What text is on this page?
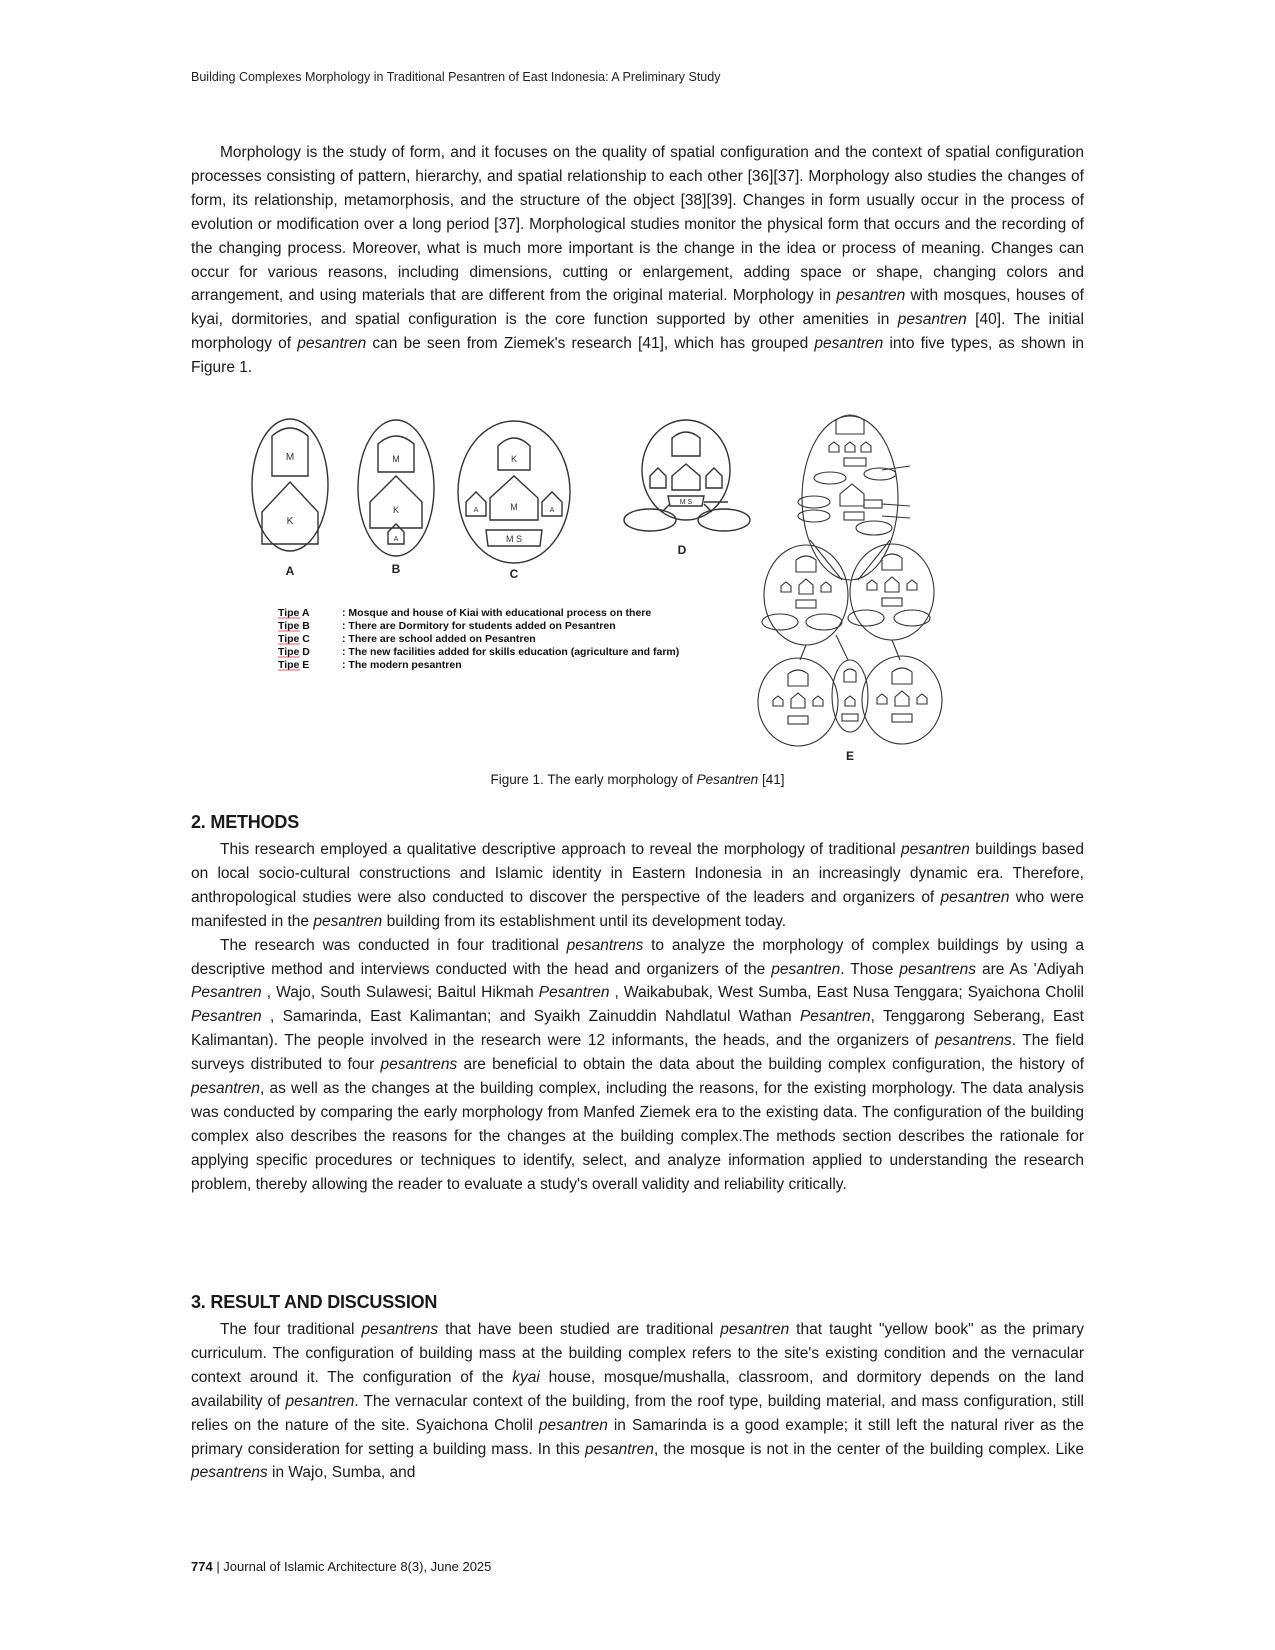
Building Complexes Morphology in Traditional Pesantren of East Indonesia: A Preliminary Study

Morphology is the study of form, and it focuses on the quality of spatial configuration and the context of spatial configuration processes consisting of pattern, hierarchy, and spatial relationship to each other [36][37]. Morphology also studies the changes of form, its relationship, metamorphosis, and the structure of the object [38][39]. Changes in form usually occur in the process of evolution or modification over a long period [37]. Morphological studies monitor the physical form that occurs and the recording of the changing process. Moreover, what is much more important is the change in the idea or process of meaning. Changes can occur for various reasons, including dimensions, cutting or enlargement, adding space or shape, changing colors and arrangement, and using materials that are different from the original material. Morphology in pesantren with mosques, houses of kyai, dormitories, and spatial configuration is the core function supported by other amenities in pesantren [40]. The initial morphology of pesantren can be seen from Ziemek's research [41], which has grouped pesantren into five types, as shown in Figure 1.

M
K
A
M
K
A
B
K
M
A	A
M S
C
M S
D
E
Tipe A	: Mosque and house of Kiai with educational process on there
Tipe B	: There are Dormitory for students added on Pesantren
Tipe C	: There are school added on Pesantren
Tipe D	: The new facilities added for skills education (agriculture and farm)
Tipe E	: The modern pesantren
Figure 1. The early morphology of Pesantren [41]
2. METHODS

This research employed a qualitative descriptive approach to reveal the morphology of traditional pesantren buildings based on local socio-cultural constructions and Islamic identity in Eastern Indonesia in an increasingly dynamic era. Therefore, anthropological studies were also conducted to discover the perspective of the leaders and organizers of pesantren who were manifested in the pesantren building from its establishment until its development today.

The research was conducted in four traditional pesantrens to analyze the morphology of complex buildings by using a descriptive method and interviews conducted with the head and organizers of the pesantren. Those pesantrens are As 'Adiyah Pesantren , Wajo, South Sulawesi; Baitul Hikmah Pesantren , Waikabubak, West Sumba, East Nusa Tenggara; Syaichona Cholil Pesantren , Samarinda, East Kalimantan; and Syaikh Zainuddin Nahdlatul Wathan Pesantren, Tenggarong Seberang, East Kalimantan). The people involved in the research were 12 informants, the heads, and the organizers of pesantrens. The field surveys distributed to four pesantrens are beneficial to obtain the data about the building complex configuration, the history of pesantren, as well as the changes at the building complex, including the reasons, for the existing morphology. The data analysis was conducted by comparing the early morphology from Manfed Ziemek era to the existing data. The configuration of the building complex also describes the reasons for the changes at the building complex.The methods section describes the rationale for applying specific procedures or techniques to identify, select, and analyze information applied to understanding the research problem, thereby allowing the reader to evaluate a study's overall validity and reliability critically.

3. RESULT AND DISCUSSION

The four traditional pesantrens that have been studied are traditional pesantren that taught "yellow book" as the primary curriculum. The configuration of building mass at the building complex refers to the site's existing condition and the vernacular context around it. The configuration of the kyai house, mosque/mushalla, classroom, and dormitory depends on the land availability of pesantren. The vernacular context of the building, from the roof type, building material, and mass configuration, still relies on the nature of the site. Syaichona Cholil pesantren in Samarinda is a good example; it still left the natural river as the primary consideration for setting a building mass. In this pesantren, the mosque is not in the center of the building complex. Like pesantrens in Wajo, Sumba, and

774 | Journal of Islamic Architecture 8(3), June 2025
